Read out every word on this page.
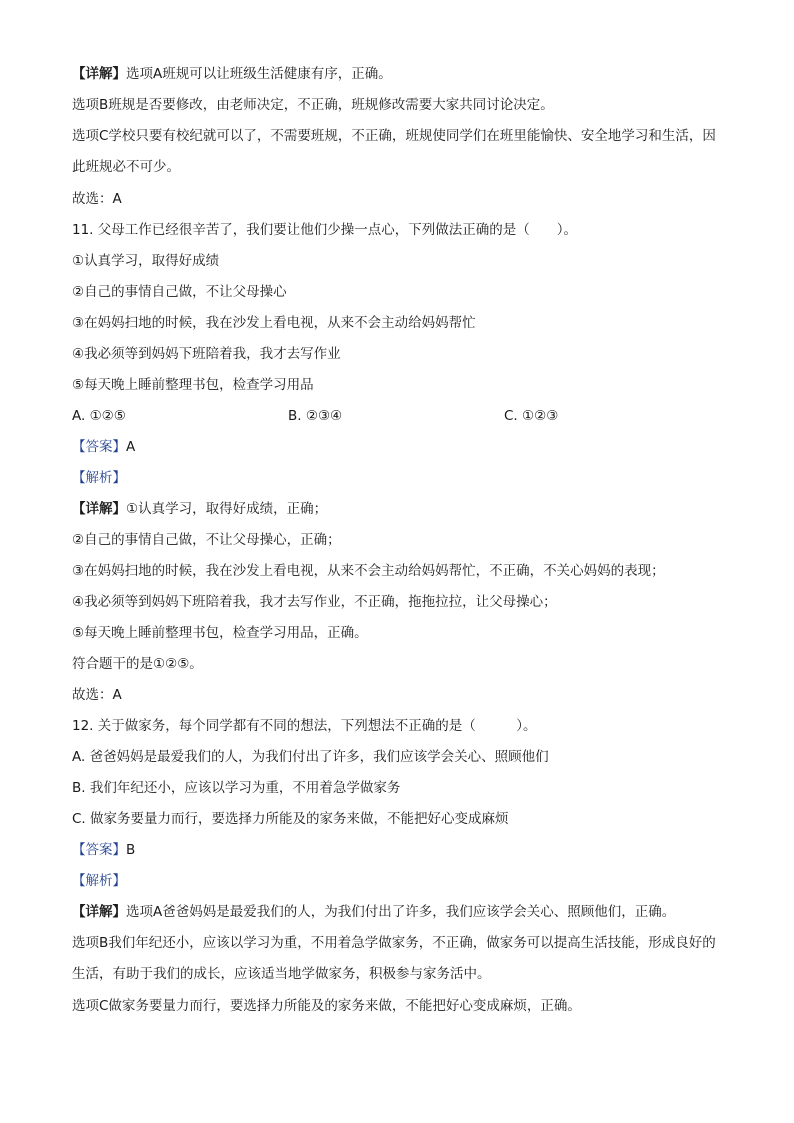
【详解】选项A班规可以让班级生活健康有序，正确。
选项B班规是否要修改，由老师决定，不正确，班规修改需要大家共同讨论决定。
选项C学校只要有校纪就可以了，不需要班规，不正确，班规使同学们在班里能愉快、安全地学习和生活，因此班规必不可少。
故选：A
11. 父母工作已经很辛苦了，我们要让他们少操一点心，下列做法正确的是（　　）。
①认真学习，取得好成绩
②自己的事情自己做，不让父母操心
③在妈妈扫地的时候，我在沙发上看电视，从来不会主动给妈妈帮忙
④我必须等到妈妈下班陪着我，我才去写作业
⑤每天晚上睡前整理书包，检查学习用品
A. ①②⑤	B. ②③④	C. ①②③
【答案】A
【解析】
【详解】①认真学习，取得好成绩，正确；
②自己的事情自己做，不让父母操心，正确；
③在妈妈扫地的时候，我在沙发上看电视，从来不会主动给妈妈帮忙，不正确，不关心妈妈的表现；
④我必须等到妈妈下班陪着我，我才去写作业，不正确，拖拖拉拉，让父母操心；
⑤每天晚上睡前整理书包，检查学习用品，正确。
符合题干的是①②⑤。
故选：A
12. 关于做家务，每个同学都有不同的想法，下列想法不正确的是（　　　）。
A. 爸爸妈妈是最爱我们的人，为我们付出了许多，我们应该学会关心、照顾他们
B. 我们年纪还小，应该以学习为重，不用着急学做家务
C. 做家务要量力而行，要选择力所能及的家务来做，不能把好心变成麻烦
【答案】B
【解析】
【详解】选项A爸爸妈妈是最爱我们的人，为我们付出了许多，我们应该学会关心、照顾他们，正确。
选项B我们年纪还小，应该以学习为重，不用着急学做家务，不正确，做家务可以提高生活技能，形成良好的生活，有助于我们的成长，应该适当地学做家务，积极参与家务活中。
选项C做家务要量力而行，要选择力所能及的家务来做，不能把好心变成麻烦，正确。
